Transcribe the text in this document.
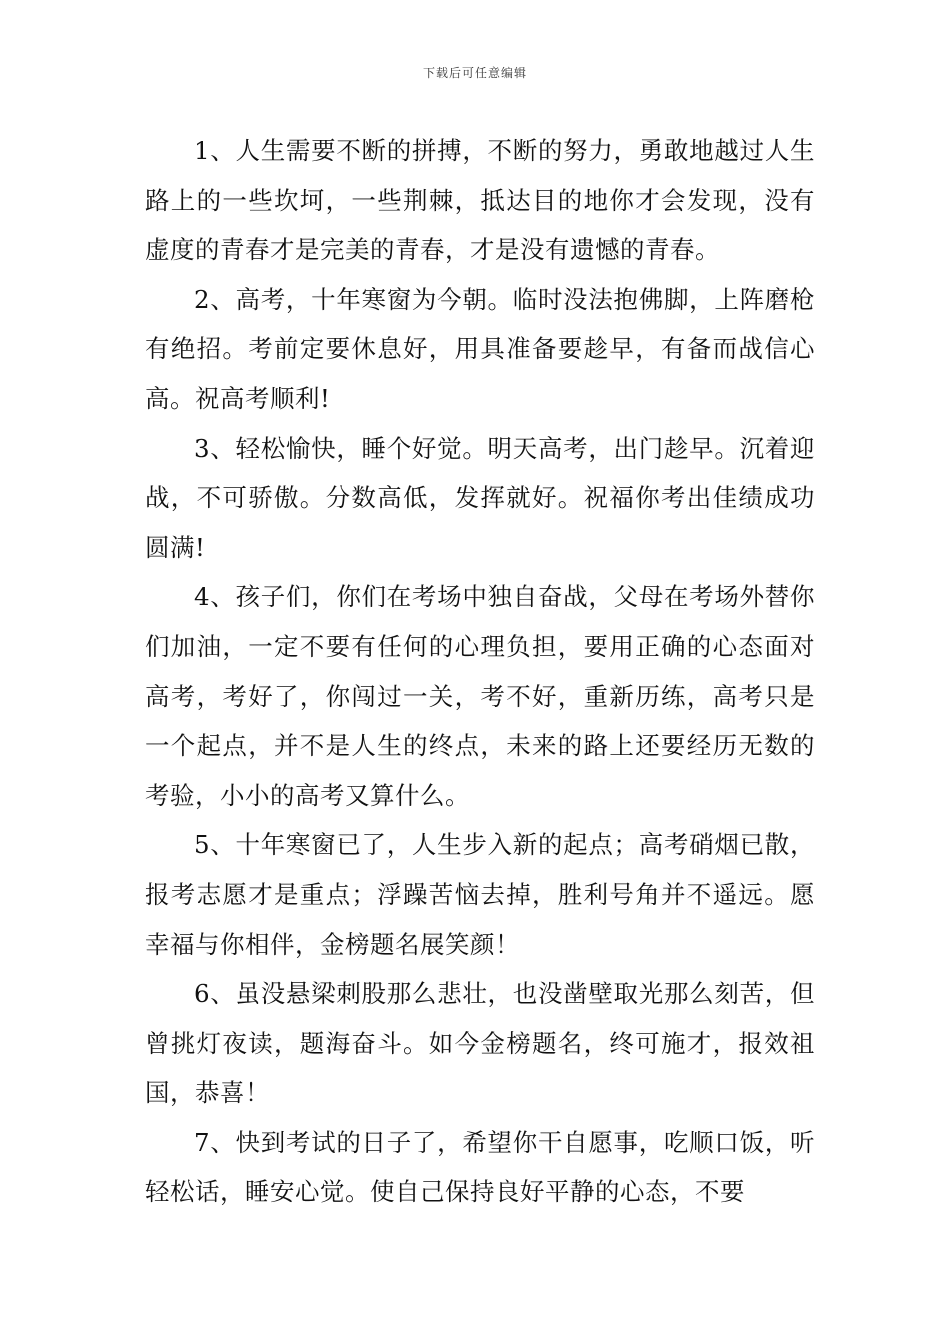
下载后可任意编辑

1、人生需要不断的拼搏，不断的努力，勇敢地越过人生路上的一些坎坷，一些荆棘，抵达目的地你才会发现，没有虚度的青春才是完美的青春，才是没有遗憾的青春。

2、高考，十年寒窗为今朝。临时没法抱佛脚，上阵磨枪有绝招。考前定要休息好，用具准备要趁早，有备而战信心高。祝高考顺利!

3、轻松愉快，睡个好觉。明天高考，出门趁早。沉着迎战，不可骄傲。分数高低，发挥就好。祝福你考出佳绩成功圆满!

4、孩子们，你们在考场中独自奋战，父母在考场外替你们加油，一定不要有任何的心理负担，要用正确的心态面对高考，考好了，你闯过一关，考不好，重新历练，高考只是一个起点，并不是人生的终点，未来的路上还要经历无数的考验，小小的高考又算什么。

5、十年寒窗已了，人生步入新的起点；高考硝烟已散，报考志愿才是重点；浮躁苦恼去掉，胜利号角并不遥远。愿幸福与你相伴，金榜题名展笑颜！

6、虽没悬梁刺股那么悲壮，也没凿壁取光那么刻苦，但曾挑灯夜读，题海奋斗。如今金榜题名，终可施才，报效祖国，恭喜！

7、快到考试的日子了，希望你干自愿事，吃顺口饭，听轻松话，睡安心觉。使自己保持良好平静的心态，不要
